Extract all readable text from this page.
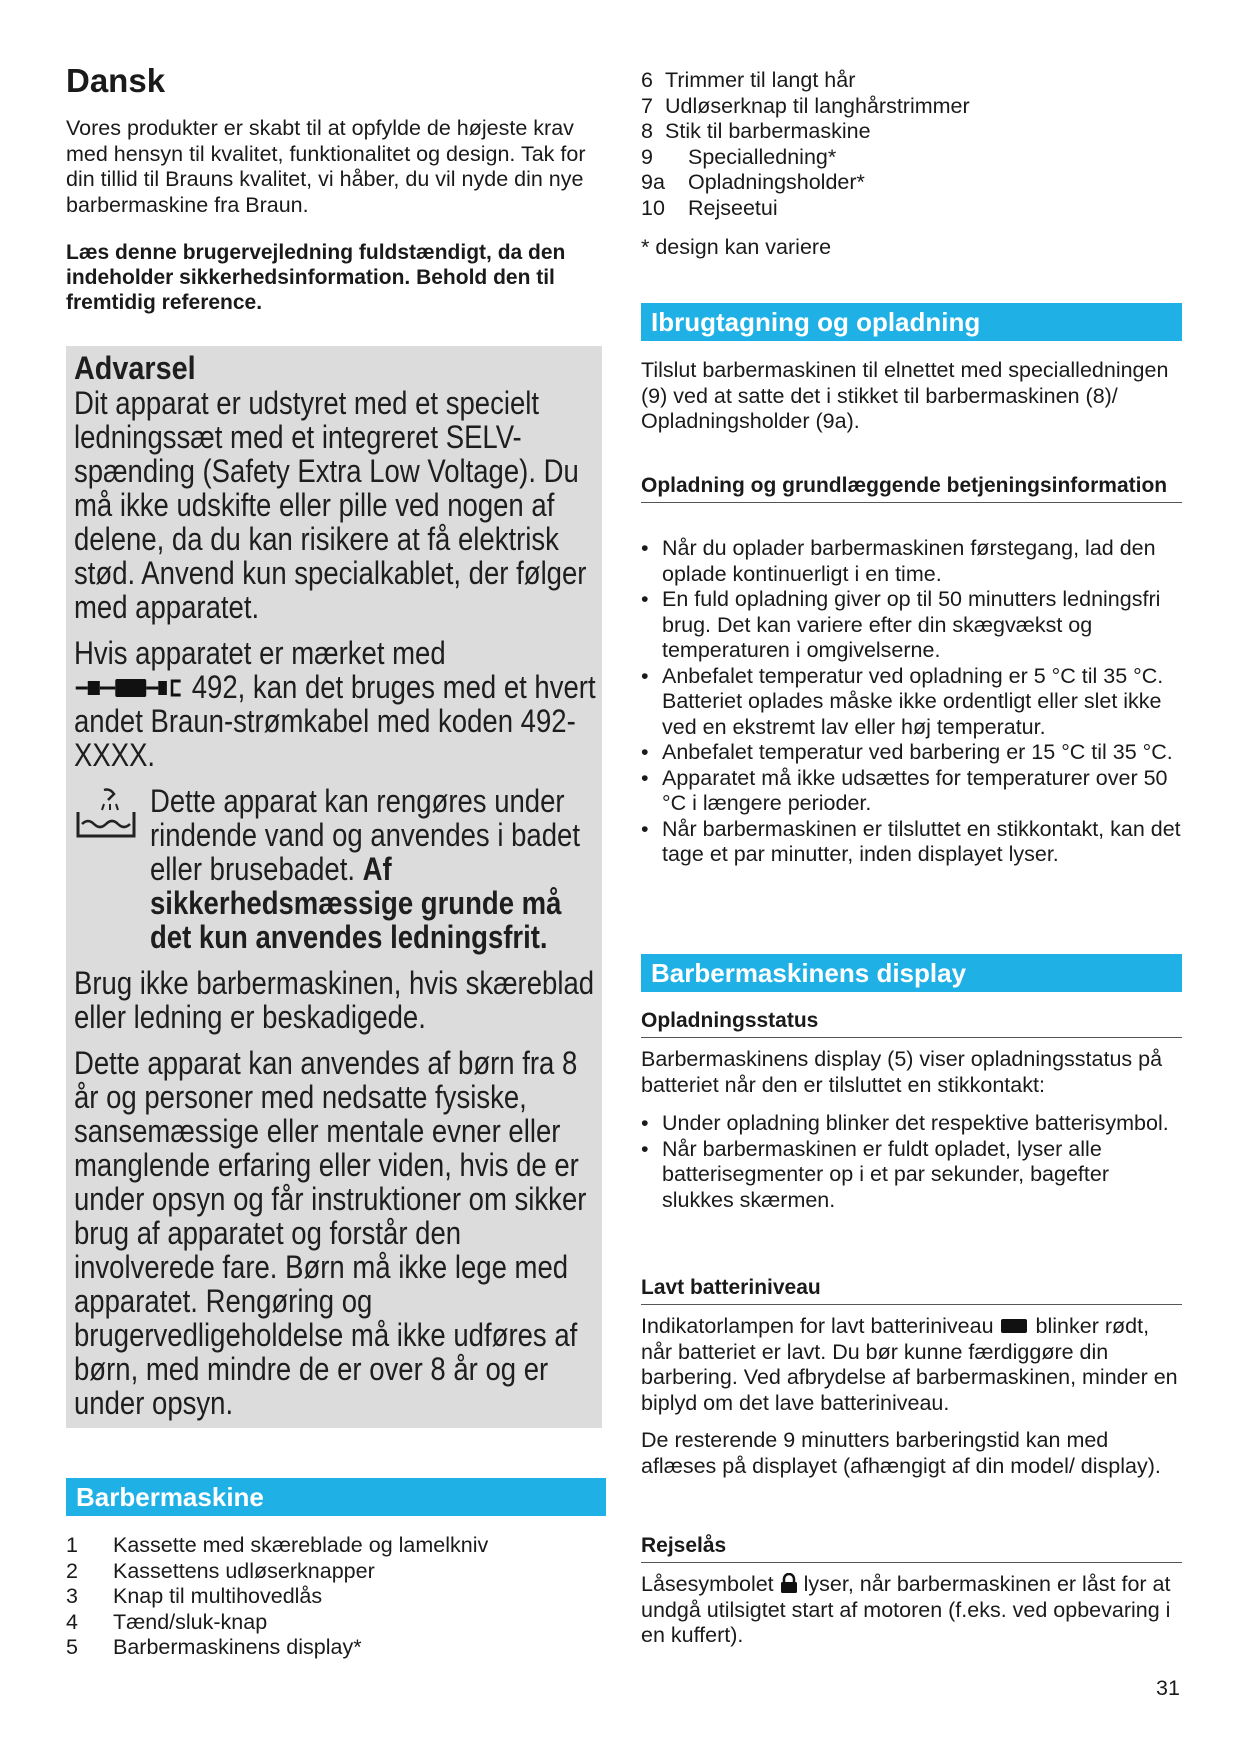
Dansk

Vores produkter er skabt til at opfylde de højeste krav med hensyn til kvalitet, funktionalitet og design. Tak for din tillid til Brauns kvalitet, vi håber, du vil nyde din nye barbermaskine fra Braun.

Læs denne brugervejledning fuldstændigt, da den indeholder sikkerhedsinformation. Behold den til fremtidig reference.

Advarsel

Dit apparat er udstyret med et specielt ledningssæt med et integreret SELV-spænding (Safety Extra Low Voltage). Du må ikke udskifte eller pille ved nogen af delene, da du kan risikere at få elektrisk stød. Anvend kun specialkablet, der følger med apparatet.

Hvis apparatet er mærket med
492, kan det bruges med et hvert andet Braun-strømkabel med koden 492-XXXX.

Dette apparat kan rengøres under rindende vand og anvendes i badet eller brusebadet. Af sikkerhedsmæssige grunde må det kun anvendes ledningsfrit.

Brug ikke barbermaskinen, hvis skæreblad eller ledning er beskadigede.

Dette apparat kan anvendes af børn fra 8 år og personer med nedsatte fysiske, sansemæssige eller mentale evner eller manglende erfaring eller viden, hvis de er under opsyn og får instruktioner om sikker brug af apparatet og forstår den involverede fare. Børn må ikke lege med apparatet. Rengøring og brugervedligeholdelse må ikke udføres af børn, med mindre de er over 8 år og er under opsyn.

Barbermaskine
1	Kassette med skæreblade og lamelkniv
2	Kassettens udløserknapper
3	Knap til multihovedlås
4	Tænd/sluk-knap
5	Barbermaskinens display*
6 Trimmer til langt hår
7 Udløserknap til langhårstrimmer
8 Stik til barbermaskine
9	Specialledning*
9a	Opladningsholder*
10	Rejseetui

* design kan variere

Ibrugtagning og opladning

Tilslut barbermaskinen til elnettet med specialledningen (9) ved at satte det i stikket til barbermaskinen (8)/ Opladningsholder (9a).

Opladning og grundlæggende betjeningsinformation

• Når du oplader barbermaskinen førstegang, lad den oplade kontinuerligt i en time.
• En fuld opladning giver op til 50 minutters ledningsfri brug. Det kan variere efter din skægvækst og temperaturen i omgivelserne.
• Anbefalet temperatur ved opladning er 5 °C til 35 °C. Batteriet oplades måske ikke ordentligt eller slet ikke ved en ekstremt lav eller høj temperatur.
• Anbefalet temperatur ved barbering er 15 °C til 35 °C.
• Apparatet må ikke udsættes for temperaturer over 50 °C i længere perioder.
• Når barbermaskinen er tilsluttet en stikkontakt, kan det tage et par minutter, inden displayet lyser.
Barbermaskinens display

Opladningsstatus

Barbermaskinens display (5) viser opladningsstatus på batteriet når den er tilsluttet en stikkontakt:

• Under opladning blinker det respektive batterisymbol.
• Når barbermaskinen er fuldt opladet, lyser alle batterisegmenter op i et par sekunder, bagefter slukkes skærmen.

Lavt batteriniveau

Indikatorlampen for lavt batteriniveau blinker rødt, når batteriet er lavt. Du bør kunne færdiggøre din barbering. Ved afbrydelse af barbermaskinen, minder en biplyd om det lave batteriniveau.

De resterende 9 minutters barberingstid kan med aflæses på displayet (afhængigt af din model/ display).

Rejselås

Låsesymbolet lyser, når barbermaskinen er låst for at undgå utilsigtet start af motoren (f.eks. ved opbevaring i en kuffert).

31
